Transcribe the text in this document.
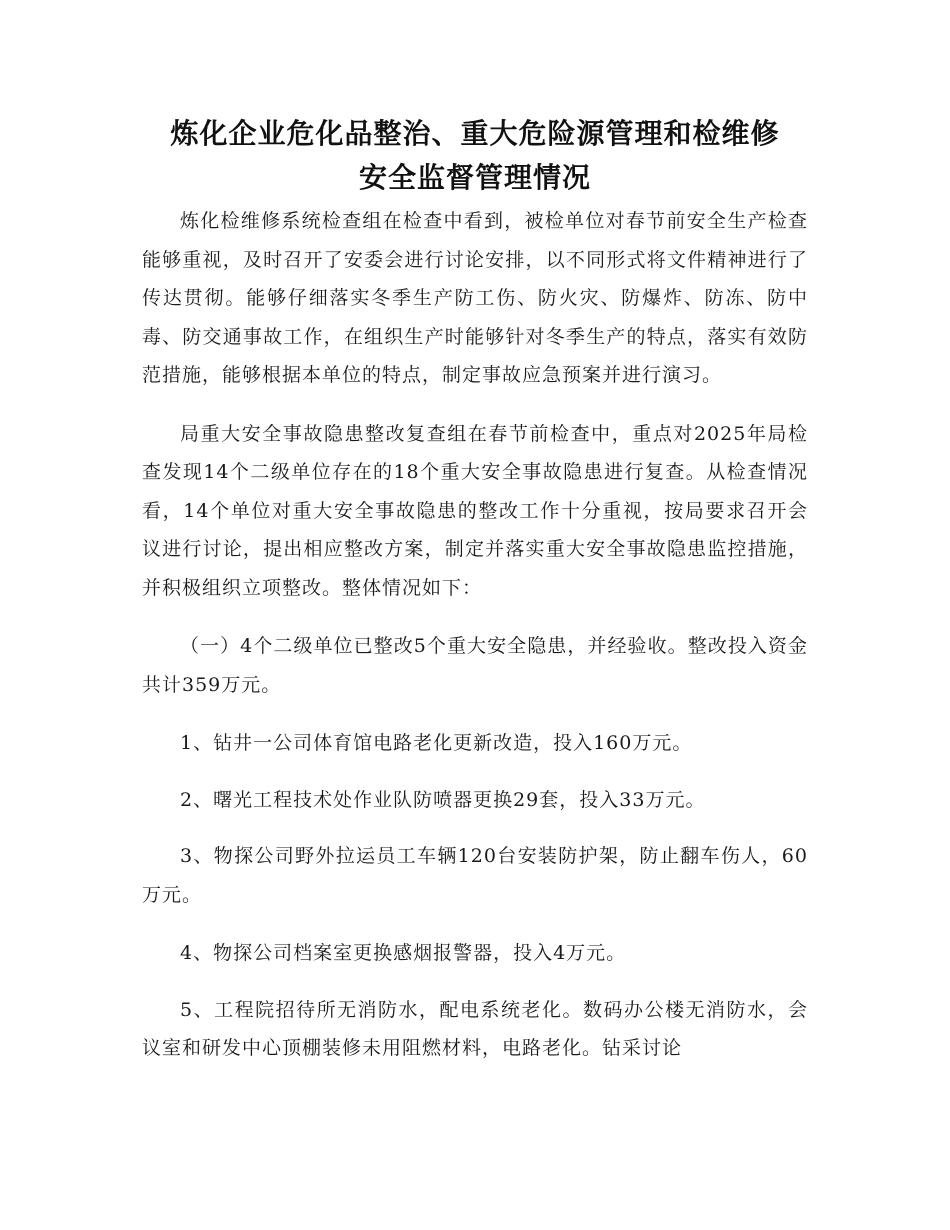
炼化企业危化品整治、重大危险源管理和检维修
安全监督管理情况

炼化检维修系统检查组在检查中看到，被检单位对春节前安全生产检查能够重视，及时召开了安委会进行讨论安排，以不同形式将文件精神进行了传达贯彻。能够仔细落实冬季生产防工伤、防火灾、防爆炸、防冻、防中毒、防交通事故工作，在组织生产时能够针对冬季生产的特点，落实有效防范措施，能够根据本单位的特点，制定事故应急预案并进行演习。

局重大安全事故隐患整改复查组在春节前检查中，重点对2025年局检查发现14个二级单位存在的18个重大安全事故隐患进行复查。从检查情况看，14个单位对重大安全事故隐患的整改工作十分重视，按局要求召开会议进行讨论，提出相应整改方案，制定并落实重大安全事故隐患监控措施，并积极组织立项整改。整体情况如下：

（一）4个二级单位已整改5个重大安全隐患，并经验收。整改投入资金共计359万元。

1、钻井一公司体育馆电路老化更新改造，投入160万元。

2、曙光工程技术处作业队防喷器更换29套，投入33万元。

3、物探公司野外拉运员工车辆120台安装防护架，防止翻车伤人，60万元。

4、物探公司档案室更换感烟报警器，投入4万元。

5、工程院招待所无消防水，配电系统老化。数码办公楼无消防水，会议室和研发中心顶棚装修未用阻燃材料，电路老化。钻采讨论
